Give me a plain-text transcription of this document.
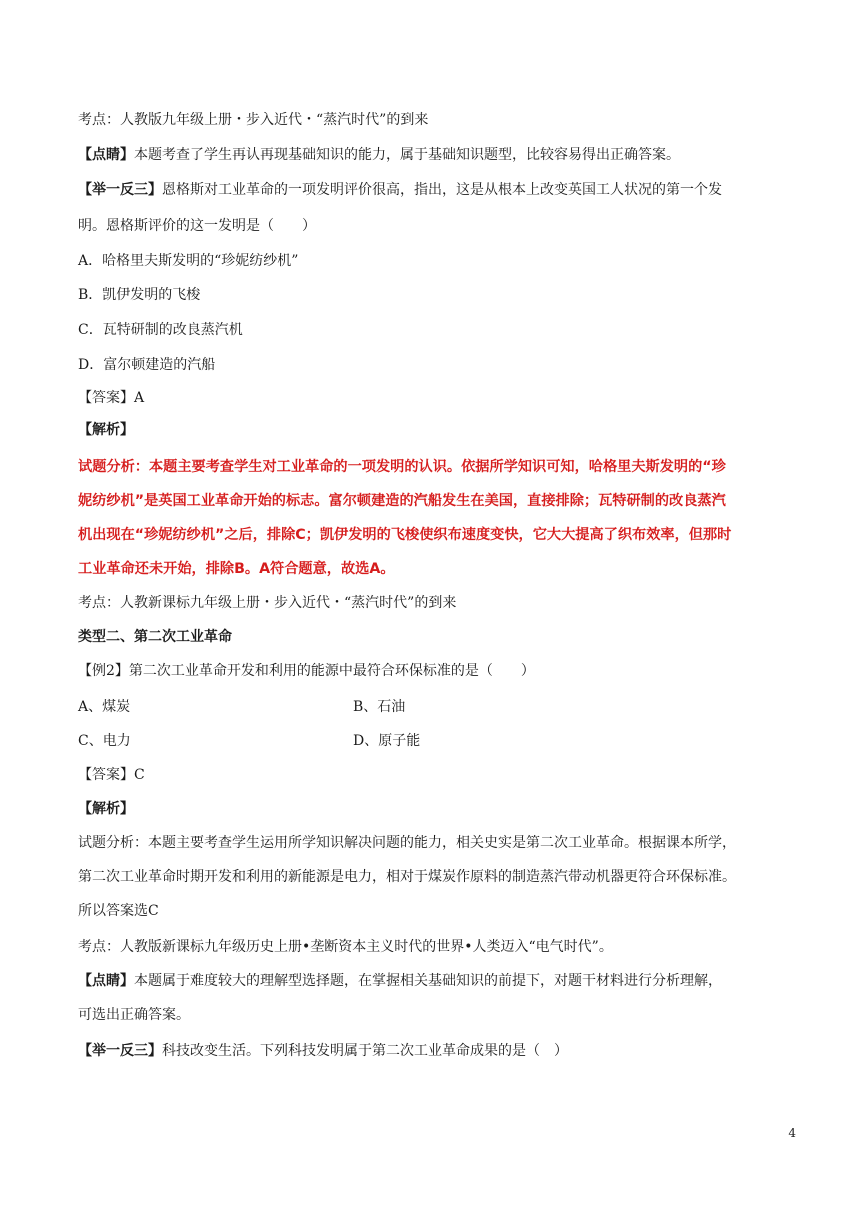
考点：人教版九年级上册・步入近代・“蒸汽时代”的到来
【点睛】本题考查了学生再认再现基础知识的能力，属于基础知识题型，比较容易得出正确答案。
【举一反三】恩格斯对工业革命的一项发明评价很高，指出，这是从根本上改变英国工人状况的第一个发
明。恩格斯评价的这一发明是（　　）
A．哈格里夫斯发明的“珍妮纺纱机”
B．凯伊发明的飞梭
C．瓦特研制的改良蒸汽机
D．富尔顿建造的汽船
【答案】A
【解析】
试题分析：本题主要考查学生对工业革命的一项发明的认识。依据所学知识可知，哈格里夫斯发明的“珍
妮纺纱机”是英国工业革命开始的标志。富尔顿建造的汽船发生在美国，直接排除；瓦特研制的改良蒸汽
机出现在“珍妮纺纱机”之后，排除C；凯伊发明的飞梭使织布速度变快，它大大提高了织布效率，但那时
工业革命还未开始，排除B。A符合题意，故选A。
考点：人教新课标九年级上册・步入近代・“蒸汽时代”的到来
类型二、第二次工业革命
【例2】第二次工业革命开发和利用的能源中最符合环保标准的是（　　）
A、煤炭	B、石油
C、电力	D、原子能
【答案】C
【解析】
试题分析：本题主要考查学生运用所学知识解决问题的能力，相关史实是第二次工业革命。根据课本所学，
第二次工业革命时期开发和利用的新能源是电力，相对于煤炭作原料的制造蒸汽带动机器更符合环保标准。
所以答案选C
考点：人教版新课标九年级历史上册•垄断资本主义时代的世界•人类迈入“电气时代”。
【点睛】本题属于难度较大的理解型选择题，在掌握相关基础知识的前提下，对题干材料进行分析理解，
可选出正确答案。
【举一反三】科技改变生活。下列科技发明属于第二次工业革命成果的是（　）
4
